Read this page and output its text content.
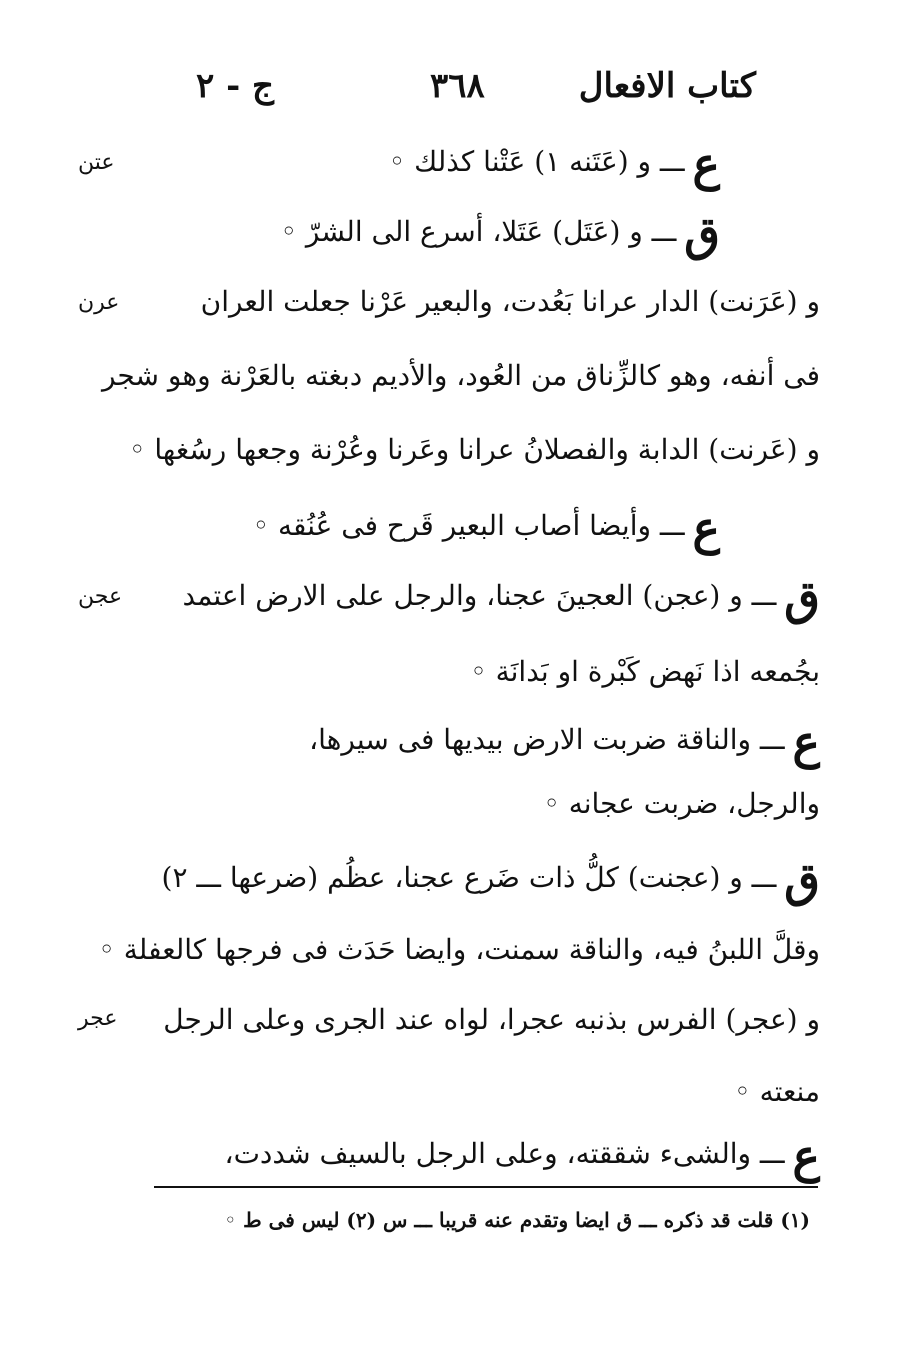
كتاب الافعال
٣٦٨
ج - ٢
عتن
عرن
عجن
عجر
عـــ و (عَتَنه ١) عَتْنا كذلك ◦
قـــ و (عَتَل) عَتَلا، أسرع الى الشرّ ◦
و (عَرَنت) الدار عرانا بَعُدت، والبعير عَرْنا جعلت العران
فى أنفه، وهو كالزِّناق من العُود، والأديم دبغته بالعَرْنة وهو شجر
و (عَرنت) الدابة والفصلانُ عرانا وعَرنا وعُرْنة وجعها رسُغها ◦
عـــ وأيضا أصاب البعير قَرح فى عُنُقه ◦
قـــ و (عجن) العجينَ عجنا، والرجل على الارض اعتمد
بجُمعه اذا نَهض كَبْرة او بَدانَة ◦
عـــ والناقة ضربت الارض بيديها فى سيرها،
والرجل، ضربت عجانه ◦
قـــ و (عجنت) كلُّ ذات ضَرع عجنا، عظُم (ضرعها ـــ ٢)
وقلَّ اللبنُ فيه، والناقة سمنت، وايضا حَدَث فى فرجها كالعفلة ◦
و (عجر) الفرس بذنبه عجرا، لواه عند الجرى وعلى الرجل
منعته ◦
عـــ والشىء شققته، وعلى الرجل بالسيف شددت،
(١) قلت قد ذكره ـــ ق ايضا وتقدم عنه قريبا ـــ س (٢) ليس فى ط ◦
